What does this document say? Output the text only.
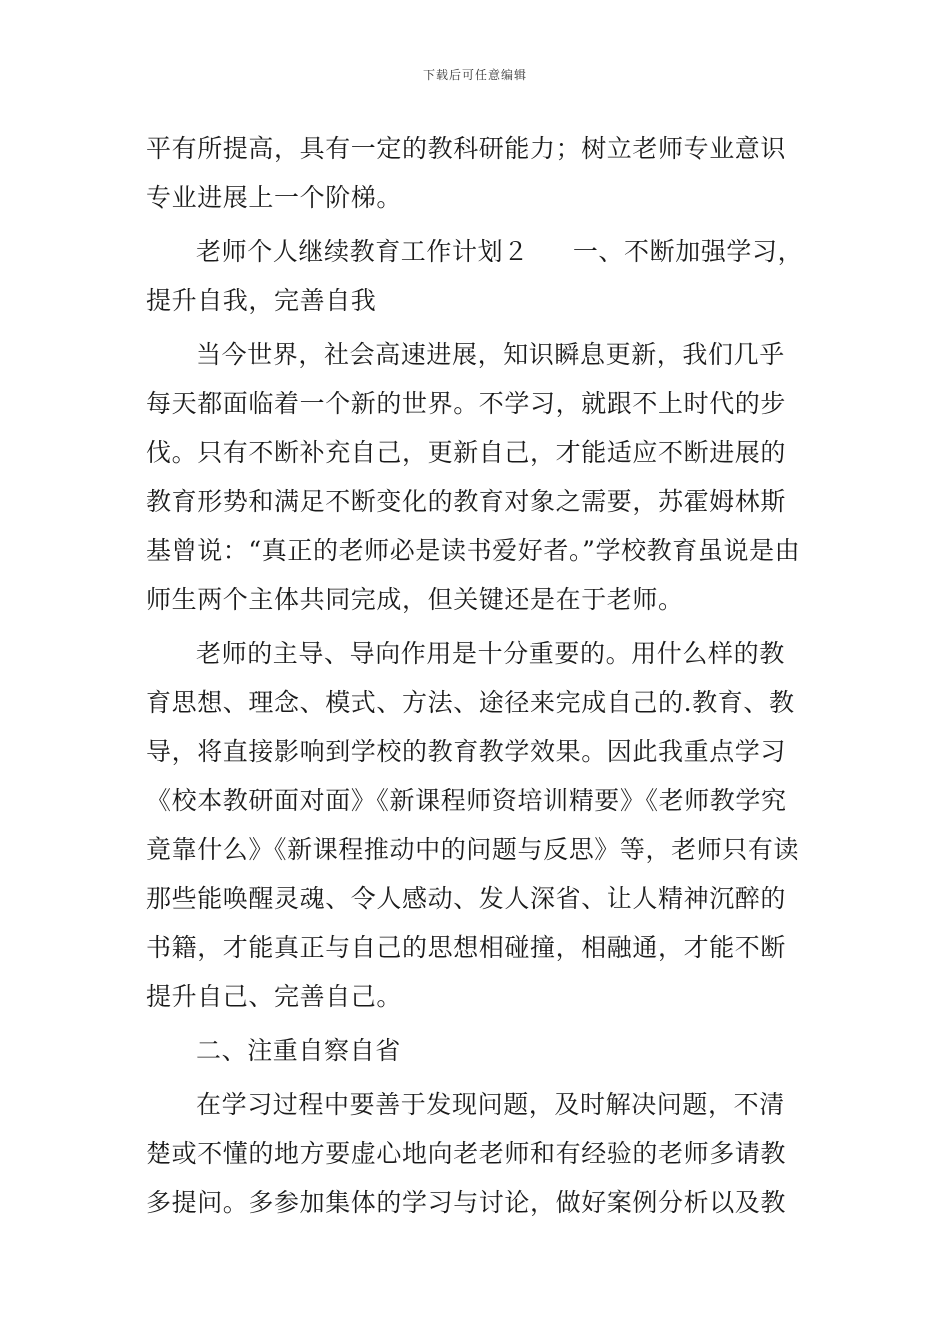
下载后可任意编辑

平有所提高，具有一定的教科研能力；树立老师专业意识专业进展上一个阶梯。

老师个人继续教育工作计划２ 一、不断加强学习，提升自我，完善自我

当今世界，社会高速进展，知识瞬息更新，我们几乎每天都面临着一个新的世界。不学习，就跟不上时代的步伐。只有不断补充自己，更新自己，才能适应不断进展的教育形势和满足不断变化的教育对象之需要，苏霍姆林斯基曾说：“真正的老师必是读书爱好者。”学校教育虽说是由师生两个主体共同完成，但关键还是在于老师。

老师的主导、导向作用是十分重要的。用什么样的教育思想、理念、模式、方法、途径来完成自己的.教育、教导，将直接影响到学校的教育教学效果。因此我重点学习《校本教研面对面》《新课程师资培训精要》《老师教学究竟靠什么》《新课程推动中的问题与反思》等，老师只有读那些能唤醒灵魂、令人感动、发人深省、让人精神沉醉的书籍，才能真正与自己的思想相碰撞，相融通，才能不断提升自己、完善自己。

二、注重自察自省

在学习过程中要善于发现问题，及时解决问题，不清楚或不懂的地方要虚心地向老老师和有经验的老师多请教多提问。多参加集体的学习与讨论，做好案例分析以及教
